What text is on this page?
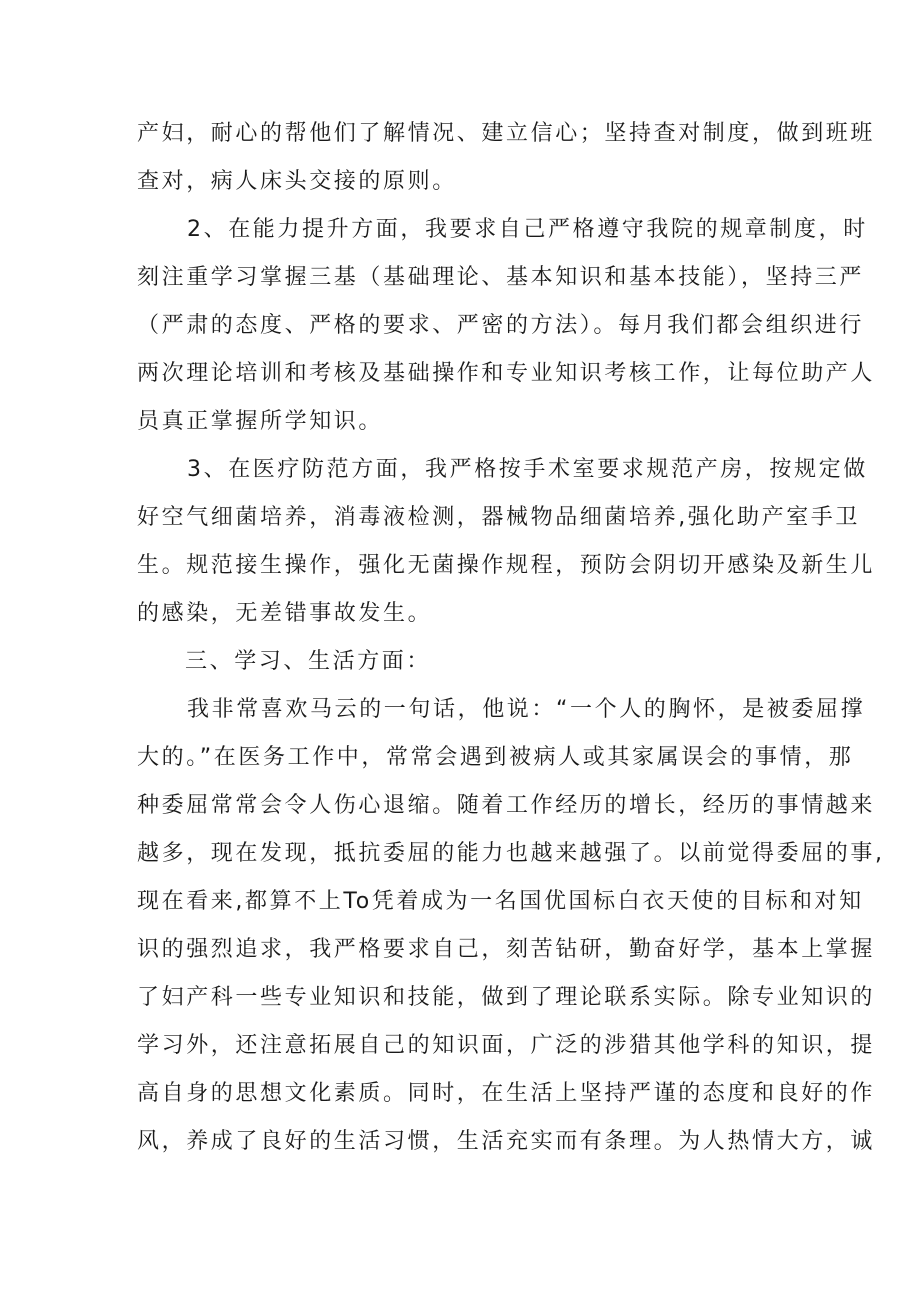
产妇，耐心的帮他们了解情况、建立信心；坚持查对制度，做到班班
查对，病人床头交接的原则。
2、在能力提升方面，我要求自己严格遵守我院的规章制度，时
刻注重学习掌握三基（基础理论、基本知识和基本技能），坚持三严
（严肃的态度、严格的要求、严密的方法）。每月我们都会组织进行
两次理论培训和考核及基础操作和专业知识考核工作，让每位助产人
员真正掌握所学知识。
3、在医疗防范方面，我严格按手术室要求规范产房，按规定做
好空气细菌培养，消毒液检测，器械物品细菌培养,强化助产室手卫
生。规范接生操作，强化无菌操作规程，预防会阴切开感染及新生儿
的感染，无差错事故发生。
三、学习、生活方面：
我非常喜欢马云的一句话，他说：“一个人的胸怀，是被委屈撑
大的。”在医务工作中，常常会遇到被病人或其家属误会的事情，那
种委屈常常会令人伤心退缩。随着工作经历的增长，经历的事情越来
越多，现在发现，抵抗委屈的能力也越来越强了。以前觉得委屈的事,
现在看来,都算不上To凭着成为一名国优国标白衣天使的目标和对知
识的强烈追求，我严格要求自己，刻苦钻研，勤奋好学，基本上掌握
了妇产科一些专业知识和技能，做到了理论联系实际。除专业知识的
学习外，还注意拓展自己的知识面，广泛的涉猎其他学科的知识，提
高自身的思想文化素质。同时，在生活上坚持严谨的态度和良好的作
风，养成了良好的生活习惯，生活充实而有条理。为人热情大方，诚
